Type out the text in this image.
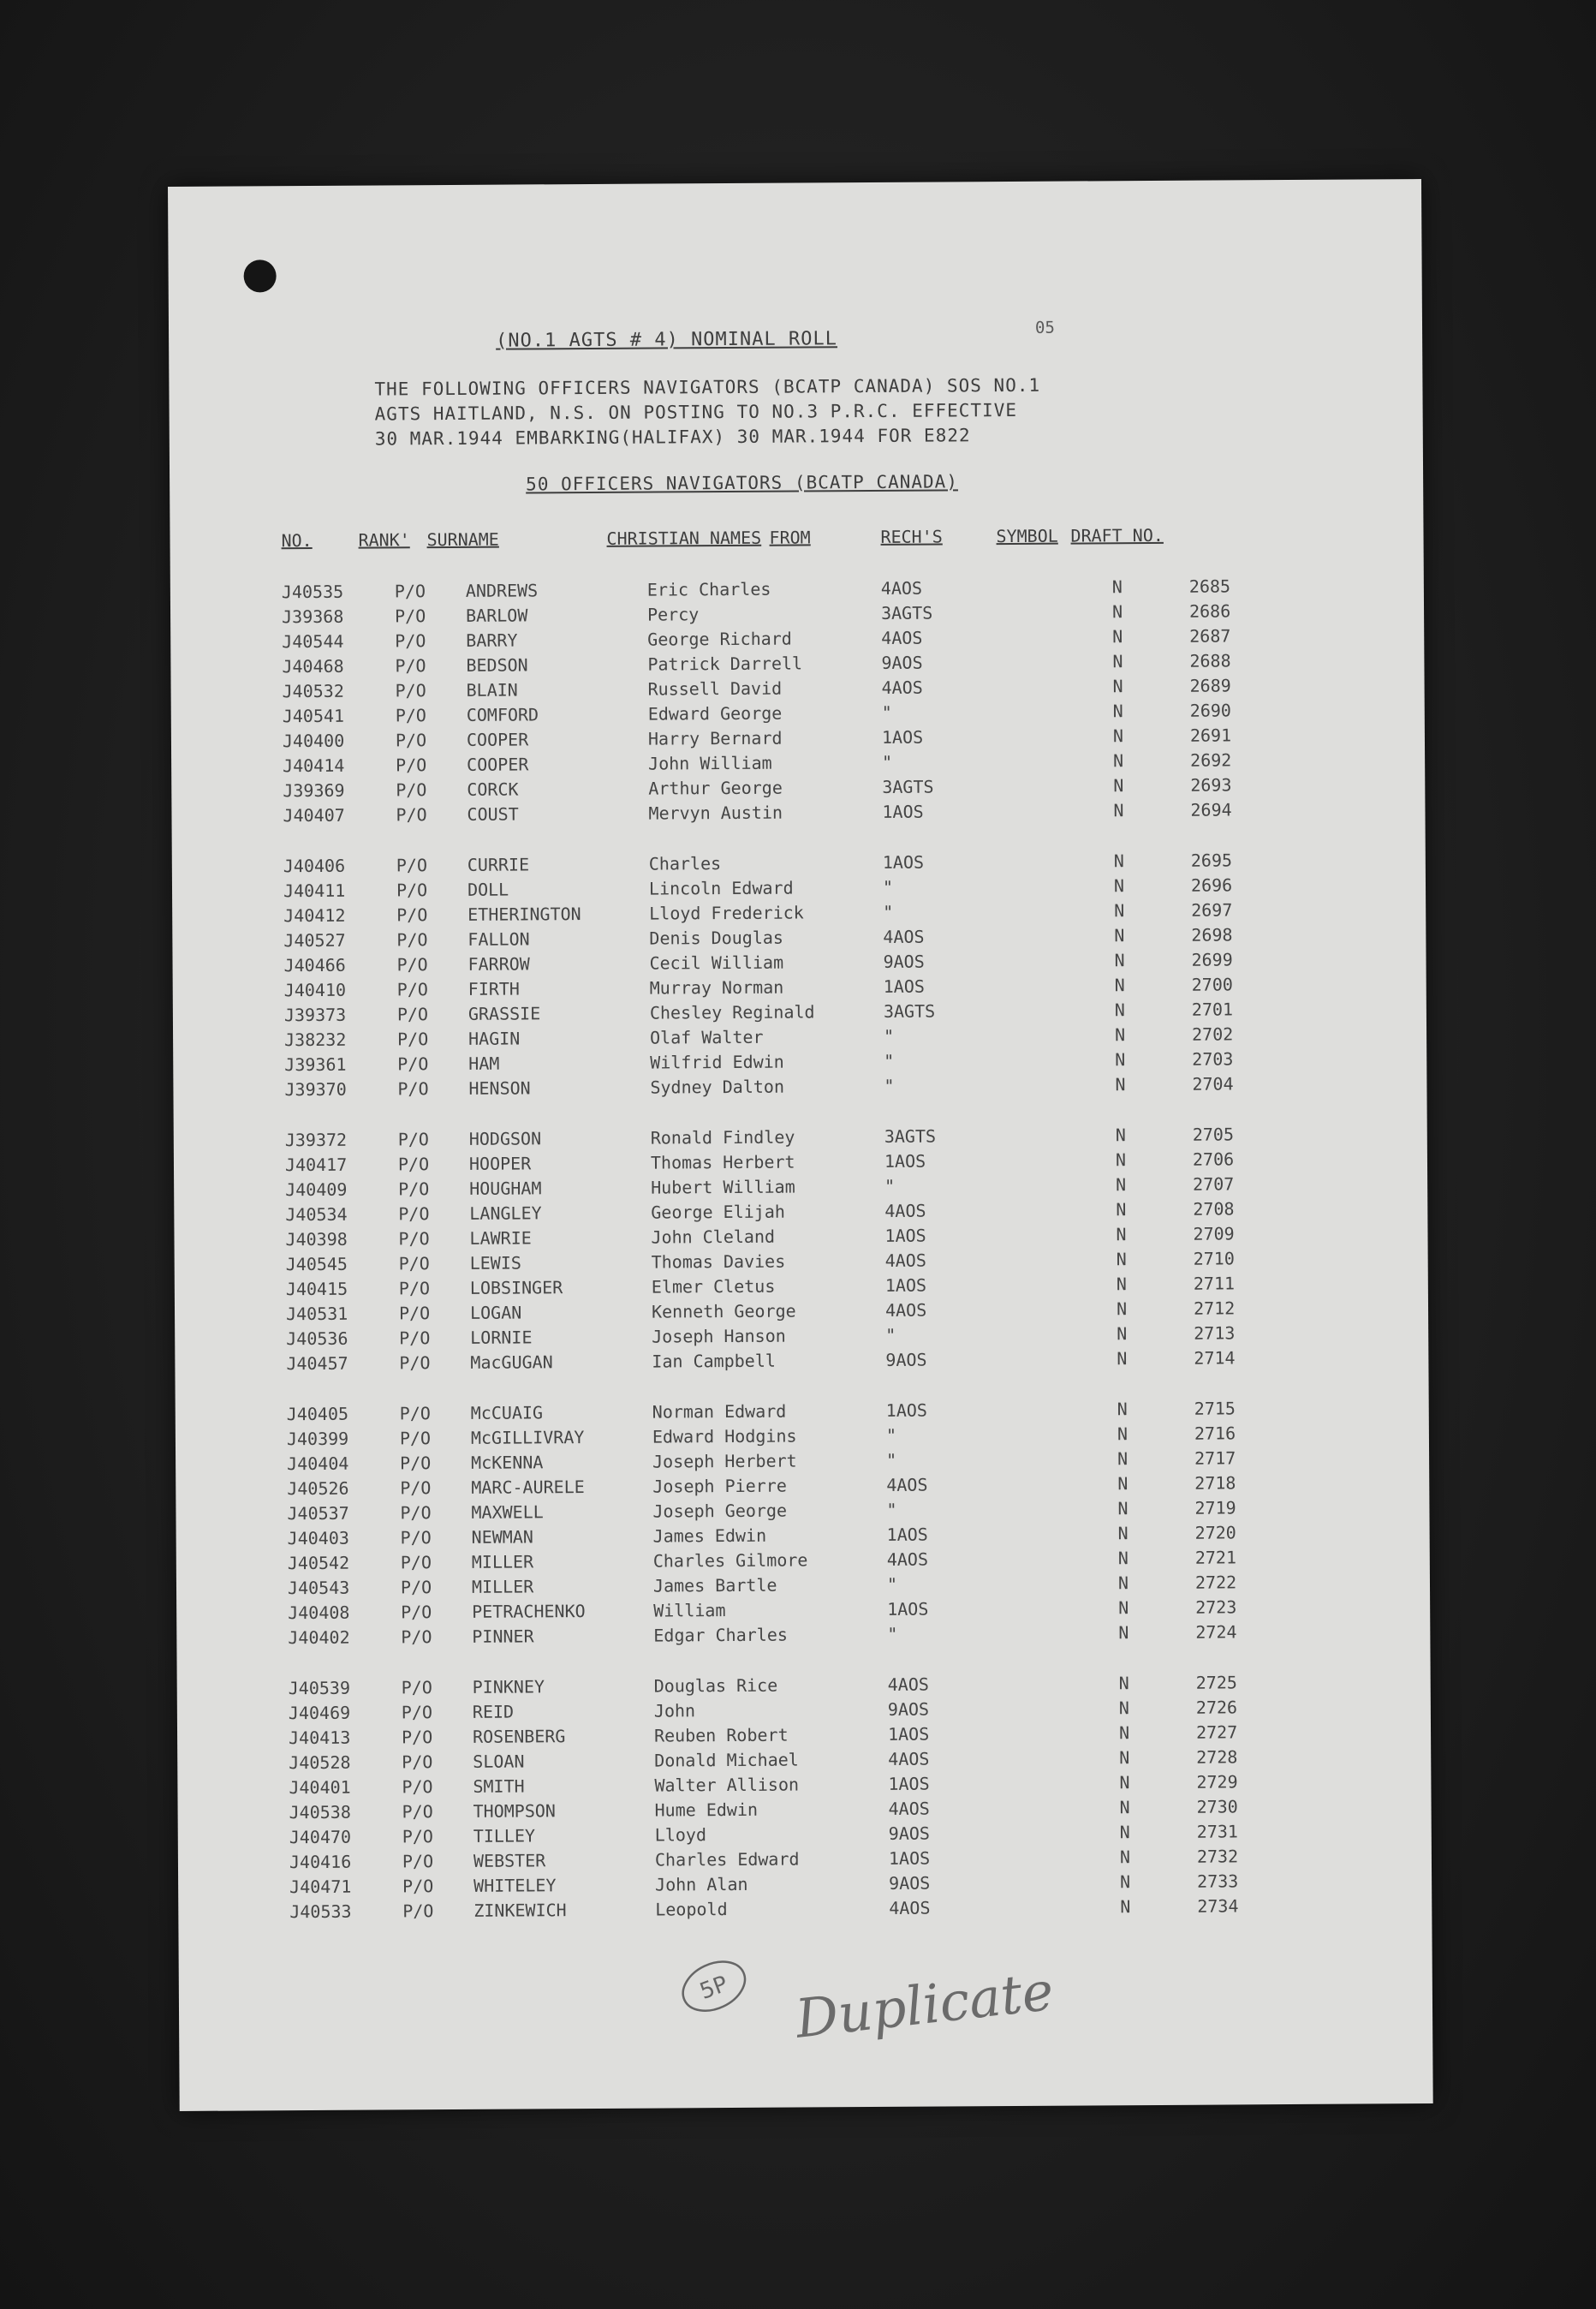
05
(NO.1 AGTS # 4) NOMINAL ROLL
THE FOLLOWING OFFICERS NAVIGATORS (BCATP CANADA) SOS NO.1
AGTS HAITLAND, N.S. ON POSTING TO NO.3 P.R.C. EFFECTIVE
30 MAR.1944 EMBARKING(HALIFAX) 30 MAR.1944 FOR E822
50 OFFICERS NAVIGATORS (BCATP CANADA)
NO.	RANK' SURNAME	CHRISTIAN NAMES FROM	RECH'S	SYMBOL DRAFT NO.
J40535	P/O ANDREWS	Eric Charles	4AOS	N	2685
J39368	P/O BARLOW	Percy	3AGTS	N	2686
J40544	P/O BARRY	George Richard	4AOS	N	2687
J40468	P/O BEDSON	Patrick Darrell	9AOS	N	2688
J40532	P/O BLAIN	Russell David	4AOS	N	2689
J40541	P/O COMFORD	Edward George	"	N	2690
J40400	P/O COOPER	Harry Bernard	1AOS	N	2691
J40414	P/O COOPER	John William	"	N	2692
J39369	P/O CORCK	Arthur George	3AGTS	N	2693
J40407	P/O COUST	Mervyn Austin	1AOS	N	2694
J40406	P/O CURRIE	Charles	1AOS	N	2695
J40411	P/O DOLL	Lincoln Edward	"	N	2696
J40412	P/O ETHERINGTON	Lloyd Frederick	"	N	2697
J40527	P/O FALLON	Denis Douglas	4AOS	N	2698
J40466	P/O FARROW	Cecil William	9AOS	N	2699
J40410	P/O FIRTH	Murray Norman	1AOS	N	2700
J39373	P/O GRASSIE	Chesley Reginald	3AGTS	N	2701
J38232	P/O HAGIN	Olaf Walter	"	N	2702
J39361	P/O HAM	Wilfrid Edwin	"	N	2703
J39370	P/O HENSON	Sydney Dalton	"	N	2704
J39372	P/O HODGSON	Ronald Findley	3AGTS	N	2705
J40417	P/O HOOPER	Thomas Herbert	1AOS	N	2706
J40409	P/O HOUGHAM	Hubert William	"	N	2707
J40534	P/O LANGLEY	George Elijah	4AOS	N	2708
J40398	P/O LAWRIE	John Cleland	1AOS	N	2709
J40545	P/O LEWIS	Thomas Davies	4AOS	N	2710
J40415	P/O LOBSINGER	Elmer Cletus	1AOS	N	2711
J40531	P/O LOGAN	Kenneth George	4AOS	N	2712
J40536	P/O LORNIE	Joseph Hanson	"	N	2713
J40457	P/O MacGUGAN	Ian Campbell	9AOS	N	2714
J40405	P/O McCUAIG	Norman Edward	1AOS	N	2715
J40399	P/O McGILLIVRAY	Edward Hodgins	"	N	2716
J40404	P/O McKENNA	Joseph Herbert	"	N	2717
J40526	P/O MARC-AURELE	Joseph Pierre	4AOS	N	2718
J40537	P/O MAXWELL	Joseph George	"	N	2719
J40403	P/O NEWMAN	James Edwin	1AOS	N	2720
J40542	P/O MILLER	Charles Gilmore	4AOS	N	2721
J40543	P/O MILLER	James Bartle	"	N	2722
J40408	P/O PETRACHENKO	William	1AOS	N	2723
J40402	P/O PINNER	Edgar Charles	"	N	2724
J40539	P/O PINKNEY	Douglas Rice	4AOS	N	2725
J40469	P/O REID	John	9AOS	N	2726
J40413	P/O ROSENBERG	Reuben Robert	1AOS	N	2727
J40528	P/O SLOAN	Donald Michael	4AOS	N	2728
J40401	P/O SMITH	Walter Allison	1AOS	N	2729
J40538	P/O THOMPSON	Hume Edwin	4AOS	N	2730
J40470	P/O TILLEY	Lloyd	9AOS	N	2731
J40416	P/O WEBSTER	Charles Edward	1AOS	N	2732
J40471	P/O WHITELEY	John Alan	9AOS	N	2733
J40533	P/O ZINKEWICH	Leopold	4AOS	N	2734
5P Duplicate
